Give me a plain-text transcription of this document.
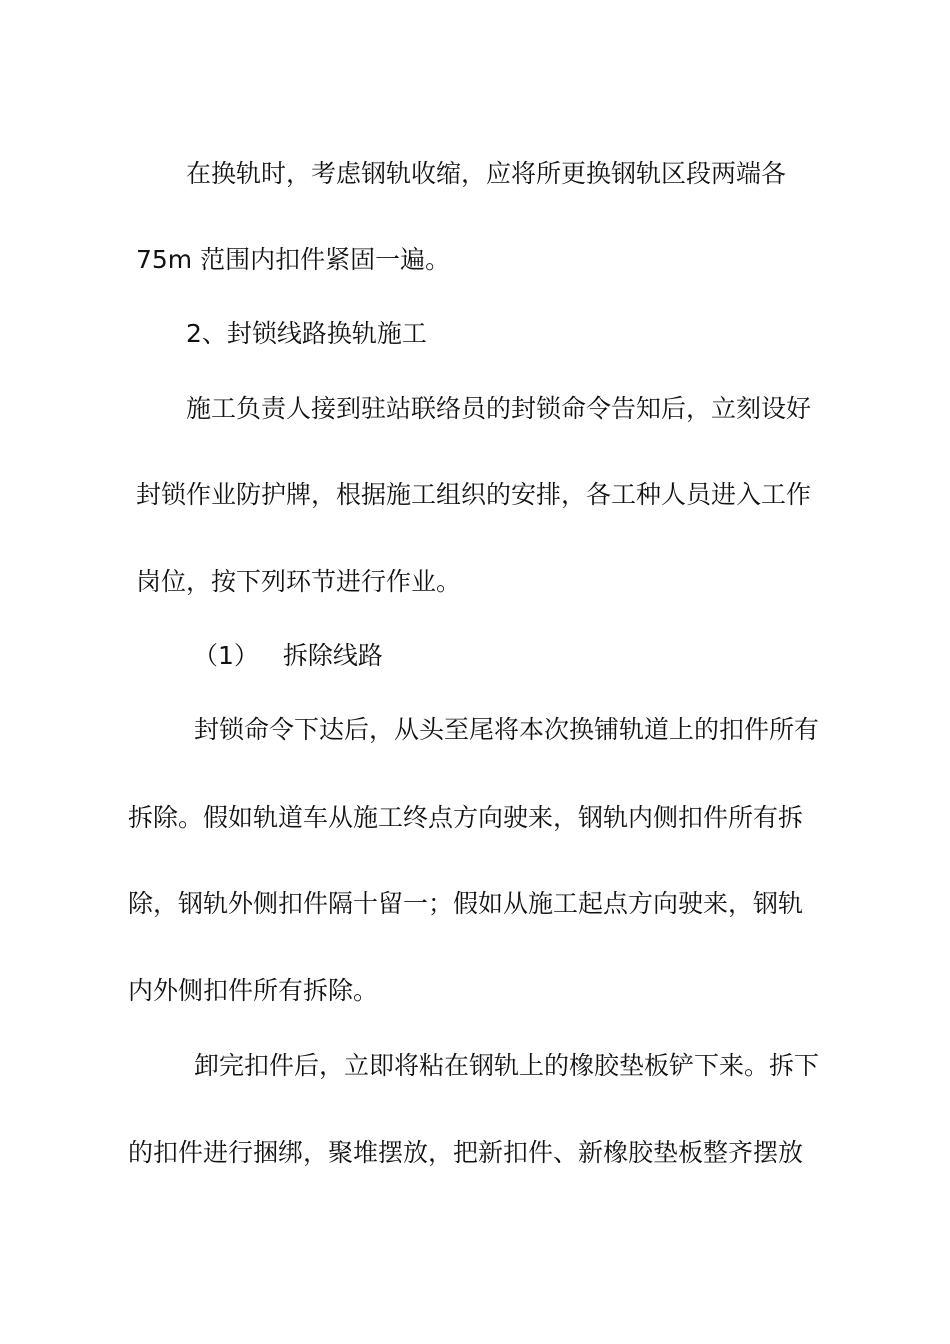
在换轨时，考虑钢轨收缩，应将所更换钢轨区段两端各
75m 范围内扣件紧固一遍。
2、封锁线路换轨施工
施工负责人接到驻站联络员的封锁命令告知后，立刻设好
封锁作业防护牌，根据施工组织的安排，各工种人员进入工作
岗位，按下列环节进行作业。
（1） 拆除线路
封锁命令下达后，从头至尾将本次换铺轨道上的扣件所有
拆除。假如轨道车从施工终点方向驶来，钢轨内侧扣件所有拆
除，钢轨外侧扣件隔十留一；假如从施工起点方向驶来，钢轨
内外侧扣件所有拆除。
卸完扣件后，立即将粘在钢轨上的橡胶垫板铲下来。拆下
的扣件进行捆绑，聚堆摆放，把新扣件、新橡胶垫板整齐摆放
